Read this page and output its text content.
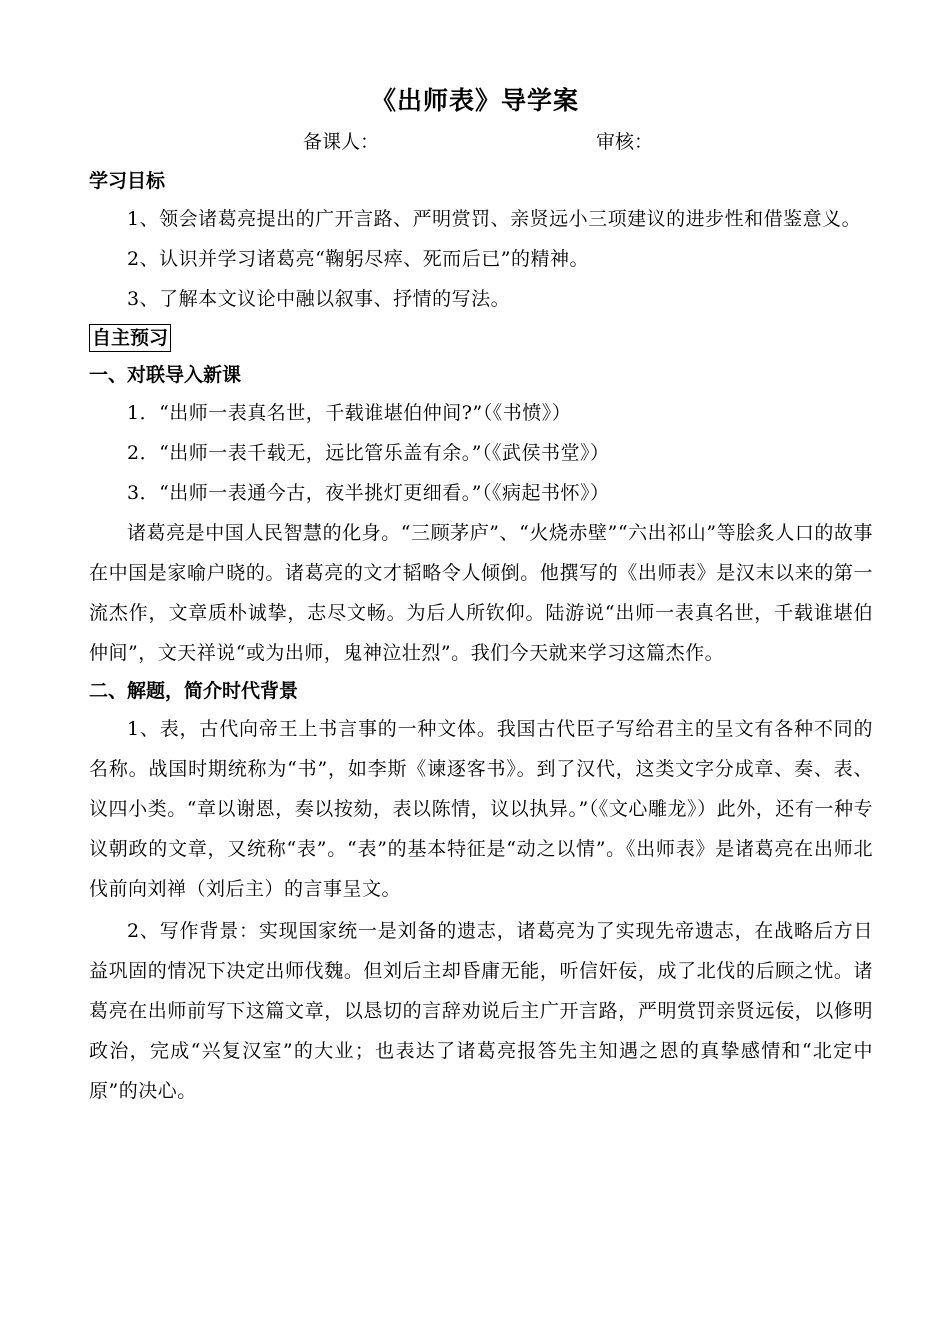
《出师表》导学案
备课人：	审核：

学习目标

1、领会诸葛亮提出的广开言路、严明赏罚、亲贤远小三项建议的进步性和借鉴意义。

2、认识并学习诸葛亮“鞠躬尽瘁、死而后已”的精神。

3、了解本文议论中融以叙事、抒情的写法。

自主预习

一、对联导入新课

1．“出师一表真名世，千载谁堪伯仲间?”（《书愤》）

2．“出师一表千载无，远比管乐盖有余。”（《武侯书堂》）

3．“出师一表通今古，夜半挑灯更细看。”（《病起书怀》）

诸葛亮是中国人民智慧的化身。“三顾茅庐”、“火烧赤壁”“六出祁山”等脍炙人口的故事在中国是家喻户晓的。诸葛亮的文才韬略令人倾倒。他撰写的《出师表》是汉末以来的第一流杰作，文章质朴诚挚，志尽文畅。为后人所钦仰。陆游说“出师一表真名世，千载谁堪伯仲间”，文天祥说“或为出师，鬼神泣壮烈”。我们今天就来学习这篇杰作。

二、解题，简介时代背景

1、表，古代向帝王上书言事的一种文体。我国古代臣子写给君主的呈文有各种不同的名称。战国时期统称为“书”，如李斯《谏逐客书》。到了汉代，这类文字分成章、奏、表、议四小类。“章以谢恩，奏以按劾，表以陈情，议以执异。”（《文心雕龙》）此外，还有一种专议朝政的文章，又统称“表”。“表”的基本特征是“动之以情”。《出师表》是诸葛亮在出师北伐前向刘禅（刘后主）的言事呈文。

2、写作背景：实现国家统一是刘备的遗志，诸葛亮为了实现先帝遗志，在战略后方日益巩固的情况下决定出师伐魏。但刘后主却昏庸无能，听信奸佞，成了北伐的后顾之忧。诸葛亮在出师前写下这篇文章，以恳切的言辞劝说后主广开言路，严明赏罚亲贤远佞，以修明政治，完成“兴复汉室”的大业；也表达了诸葛亮报答先主知遇之恩的真挚感情和“北定中原”的决心。
